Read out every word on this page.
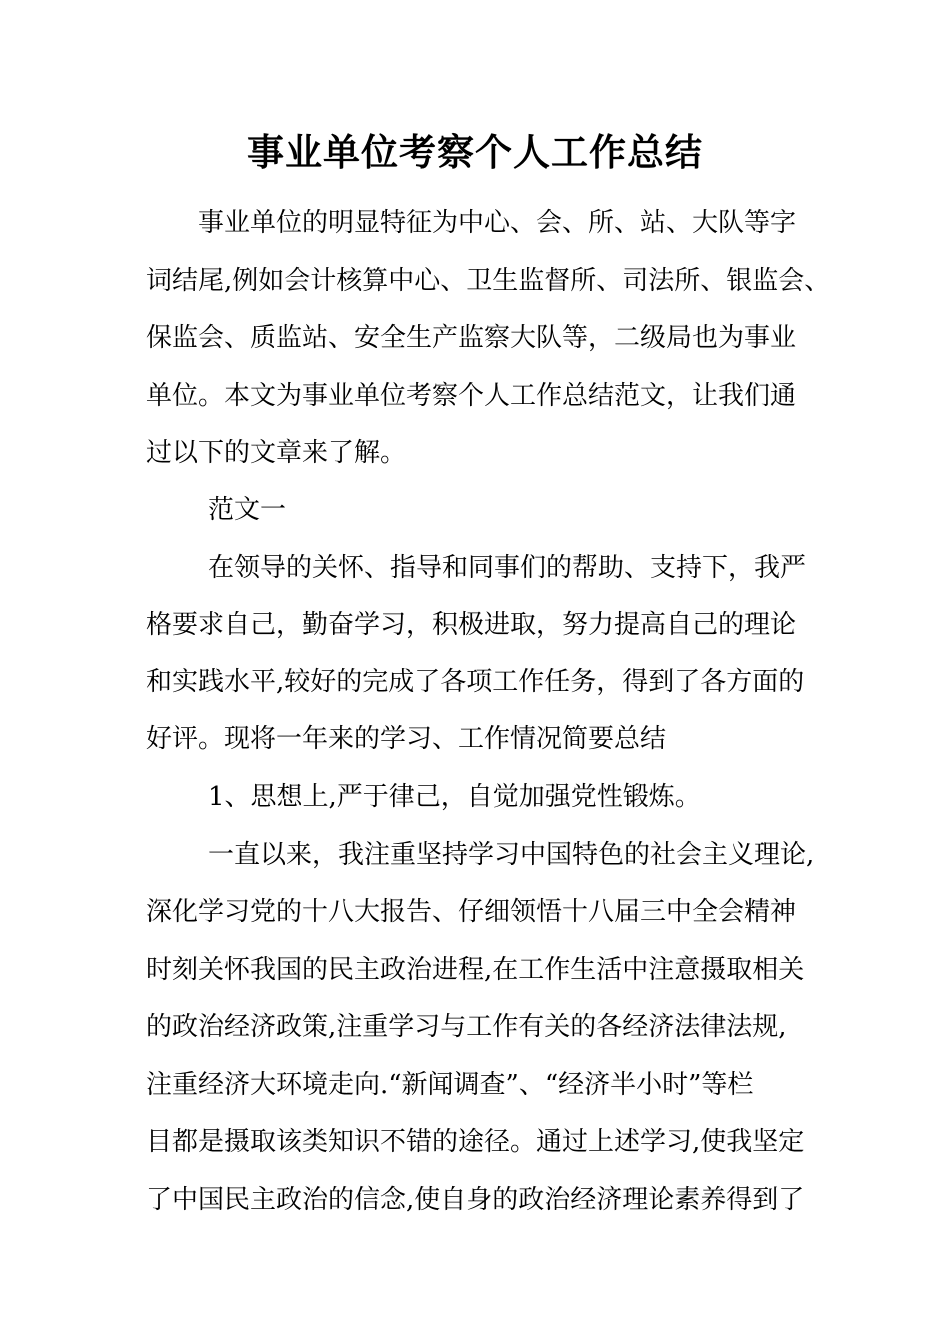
事业单位考察个人工作总结

事业单位的明显特征为中心、会、所、站、大队等字

词结尾,例如会计核算中心、卫生监督所、司法所、银监会、

保监会、质监站、安全生产监察大队等，二级局也为事业

单位。本文为事业单位考察个人工作总结范文，让我们通

过以下的文章来了解。

范文一

在领导的关怀、指导和同事们的帮助、支持下，我严

格要求自己，勤奋学习，积极进取，努力提高自己的理论

和实践水平,较好的完成了各项工作任务，得到了各方面的

好评。现将一年来的学习、工作情况简要总结

1、思想上,严于律己，自觉加强党性锻炼。

一直以来，我注重坚持学习中国特色的社会主义理论,

深化学习党的十八大报告、仔细领悟十八届三中全会精神

时刻关怀我国的民主政治进程,在工作生活中注意摄取相关

的政治经济政策,注重学习与工作有关的各经济法律法规,

注重经济大环境走向.“新闻调查”、“经济半小时”等栏

目都是摄取该类知识不错的途径。通过上述学习,使我坚定

了中国民主政治的信念,使自身的政治经济理论素养得到了
